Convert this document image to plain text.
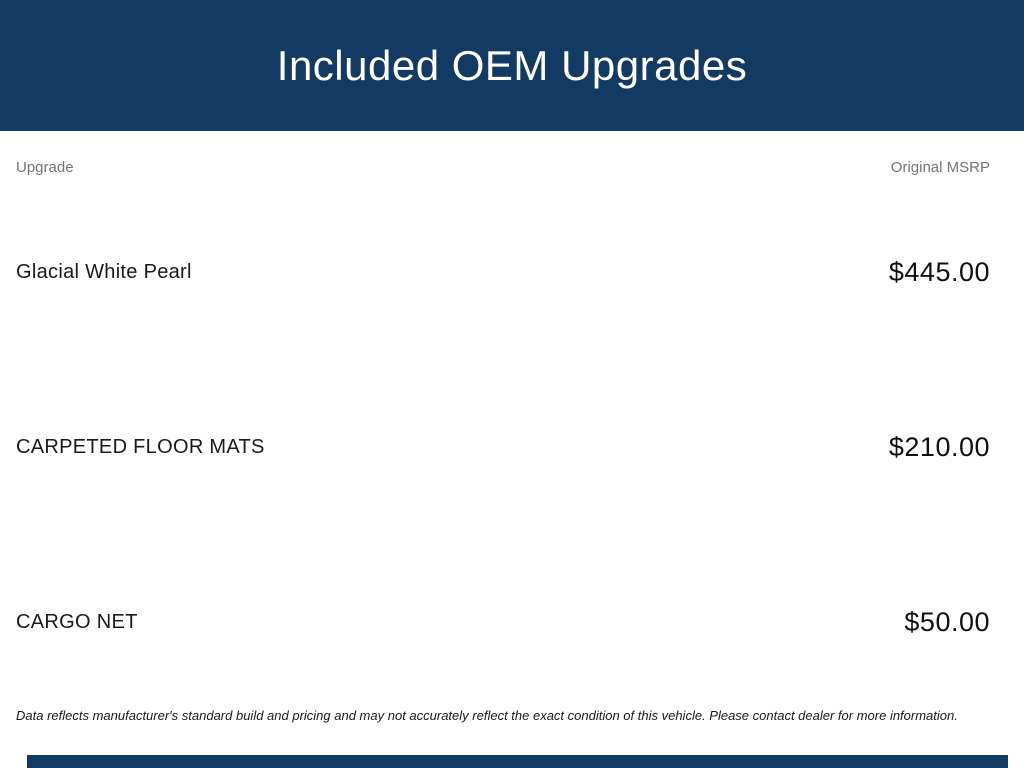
Included OEM Upgrades
Upgrade	Original MSRP
Glacial White Pearl	$445.00
CARPETED FLOOR MATS	$210.00
CARGO NET	$50.00

Data reflects manufacturer's standard build and pricing and may not accurately reflect the exact condition of this vehicle. Please contact dealer for more information.
